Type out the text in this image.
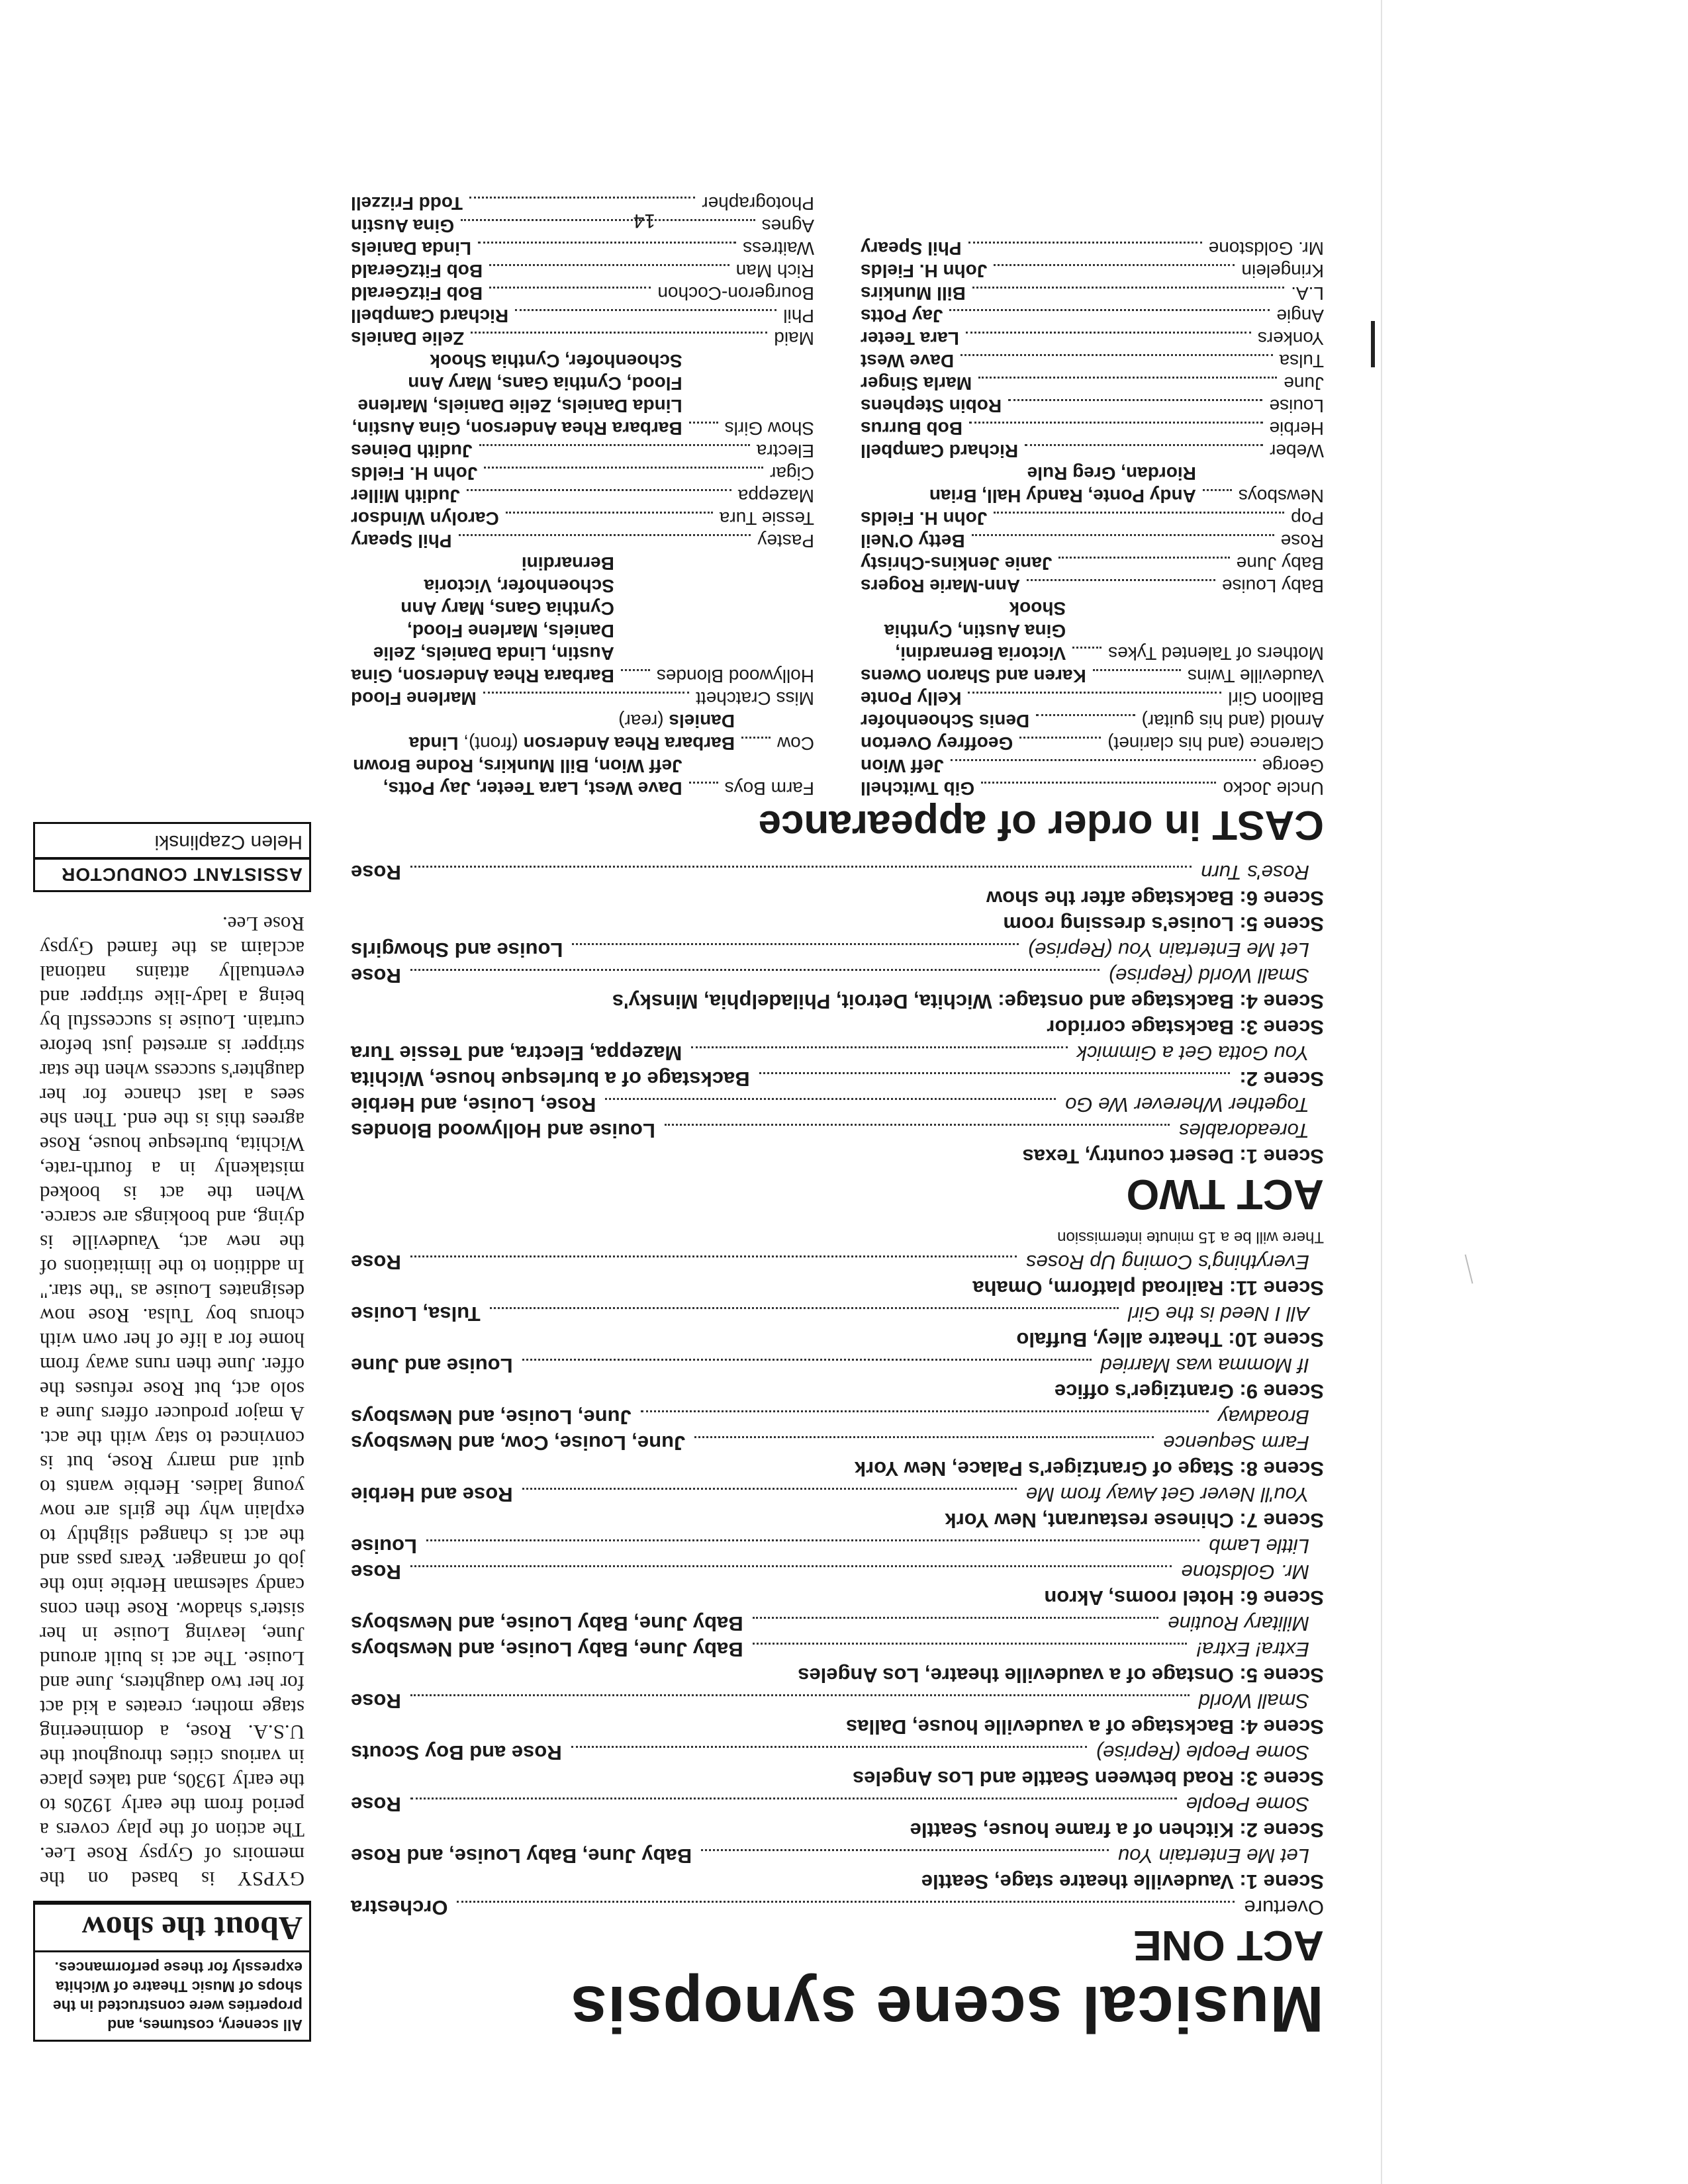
Musical scene synopsis
ACT ONE
Overture
Orchestra
Scene 1: Vaudeville theatre stage, Seattle
Let Me Entertain You
Baby June, Baby Louise, and Rose
Scene 2: Kitchen of a frame house, Seattle
Some People
Rose
Scene 3: Road between Seattle and Los Angeles
Some People (Reprise)
Rose and Boy Scouts
Scene 4: Backstage of a vaudeville house, Dallas
Small World
Rose
Scene 5: Onstage of a vaudeville theatre, Los Angeles
Extra! Extra!
Baby June, Baby Louise, and Newsboys
Military Routine
Baby June, Baby Louise, and Newsboys
Scene 6: Hotel rooms, Akron
Mr. Goldstone
Rose
Little Lamb
Louise
Scene 7: Chinese restaurant, New York
You'll Never Get Away from Me
Rose and Herbie
Scene 8: Stage of Grantziger's Palace, New York
Farm Sequence
June, Louise, Cow, and Newsboys
Broadway
June, Louise, and Newsboys
Scene 9: Grantziger's office
If Momma was Married
Louise and June
Scene 10: Theatre alley, Buffalo
All I Need is the Girl
Tulsa, Louise
Scene 11: Railroad platform, Omaha
Everything's Coming Up Roses
Rose
There will be a 15 minute intermission
ACT TWO
Scene 1: Desert country, Texas
Toreadorables
Louise and Hollywood Blondes
Together Wherever We Go
Rose, Louise, and Herbie
Scene 2:
Backstage of a burlesque house, Wichita
You Gotta Get a Gimmick
Mazeppa, Electra, and Tessie Tura
Scene 3: Backstage corridor
Scene 4: Backstage and onstage: Wichita, Detroit, Philadelphia, Minsky's
Small World (Reprise)
Rose
Let Me Entertain You (Reprise)
Louise and Showgirls
Scene 5: Louise's dressing room
Scene 6: Backstage after the show
Rose's Turn
Rose
CAST in order of appearance
Uncle Jocko
Gib Twitchell
George
Jeff Wion
Clarence (and his clarinet)
Geoffrey Overton
Arnold (and his guitar)
Denis Schoenhofer
Balloon Girl
Kelly Ponte
Vaudeville Twins
Karen and Sharon Owens
Mothers of Talented Tykes
Victoria Bernardini, Gina Austin, Cynthia Shook
Baby Louise
Ann-Marie Rogers
Baby June
Janie Jenkins-Christy
Rose
Betty O'Neil
Pop
John H. Fields
Newsboys
Andy Ponte, Randy Hall, Brian Riordan, Greg Rule
Weber
Richard Campbell
Herbie
Bob Burrus
Louise
Robin Stephens
June
Marla Singer
Tulsa
Dave West
Yonkers
Lara Teeter
Angie
Jay Potts
L.A.
Bill Munkirs
Kringelein
John H. Fields
Mr. Goldstone
Phil Speary
Farm Boys
Dave West, Lara Teeter, Jay Potts, Jeff Wion, Bill Munkirs, Rodne Brown
Cow
Barbara Rhea Anderson (front), Linda Daniels (rear)
Miss Cratchett
Marlene Flood
Hollywood Blondes
Barbara Rhea Anderson, Gina Austin, Linda Daniels, Zelie Daniels, Marlene Flood, Cynthia Gans, Mary Ann Schoenhofer, Victoria Bernardini
Pastey
Phil Speary
Tessie Tura
Carolyn Windsor
Mazeppa
Judith Miller
Cigar
John H. Fields
Electra
Judith Deines
Show Girls
Barbara Rhea Anderson, Gina Austin, Linda Daniels, Zelie Daniels, Marlene Flood, Cynthia Gans, Mary Ann Schoenhofer, Cynthia Shook
Maid
Zelie Daniels
Phil
Richard Campbell
Bourgeron-Cochon
Bob FitzGerald
Rich Man
Bob FitzGerald
Waitress
Linda Daniels
Agnes
Gina Austin
Photographer
Todd Frizzell
All scenery, costumes, and properties were constructed in the shops of Music Theatre of Wichita expressly for these performances.
About the show
GYPSY is based on the memoirs of Gypsy Rose Lee. The action of the play covers a period from the early 1920s to the early 1930s, and takes place in various cities throughout the U.S.A. Rose, a domineering stage mother, creates a kid act for her two daughters, June and Louise. The act is built around June, leaving Louise in her sister's shadow. Rose then cons candy salesman Herbie into the job of manager. Years pass and the act is changed slightly to explain why the girls are now young ladies. Herbie wants to quit and marry Rose, but is convinced to stay with the act. A major producer offers June a solo act, but Rose refuses the offer. June then runs away from home for a life of her own with chorus boy Tulsa. Rose now designates Louise as "the star." In addition to the limitations of the new act, Vaudeville is dying, and bookings are scarce. When the act is booked mistakenly in a fourth-rate, Wichita, burlesque house, Rose agrees this is the end. Then she sees a last chance for her daughter's success when the star stripper is arrested just before curtain. Louise is successful by being a lady-like stripper and eventually attains national acclaim as the famed Gypsy Rose Lee.
ASSISTANT CONDUCTOR
Helen Czaplinski
14
